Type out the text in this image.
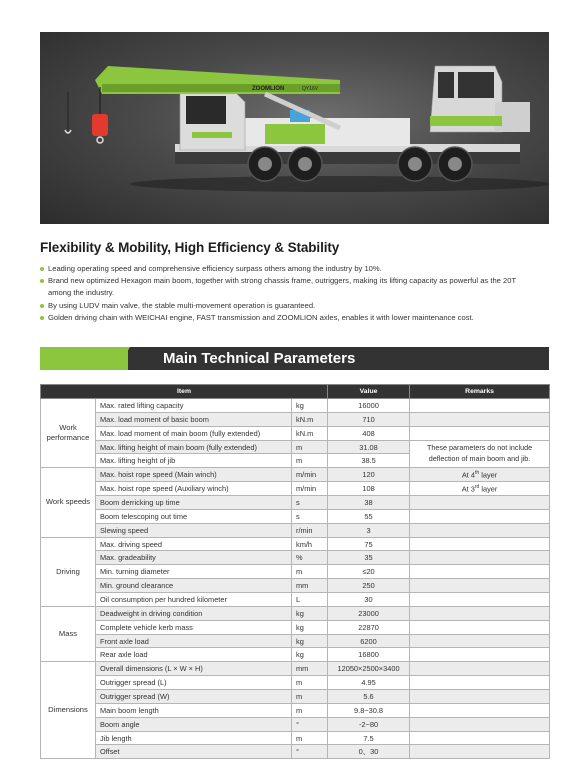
ZOOMLION	QY16V
Flexibility & Mobility, High Efficiency & Stability
Leading operating speed and comprehensive efficiency surpass others among the industry by 10%.
Brand new optimized Hexagon main boom, together with strong chassis frame, outriggers, making its lifting capacity as powerful as the 20T among the industry.
By using LUDV main valve, the stable multi-movement operation is guaranteed.
Golden driving chain with WEICHAI engine, FAST transmission and ZOOMLION axles, enables it with lower maintenance cost.
Main Technical Parameters
Item			Value	Remarks
Work performance	Max. rated lifting capacity	kg	16000	
	Max. load moment of basic boom	kN.m	710	
	Max. load moment of main boom (fully extended)	kN.m	408	
	Max. lifting height of main boom (fully extended)	m	31.08	These parameters do not include deflection of main boom and jib.
	Max. lifting height of jib	m	38.5	
Work speeds	Max. hoist rope speed (Main winch)	m/min	120	At 4th layer
	Max. hoist rope speed (Auxiliary winch)	m/min	108	At 3rd layer
	Boom derricking up time	s	38	
	Boom telescoping out time	s	55	
	Slewing speed	r/min	3	
Driving	Max. driving speed	km/h	75	
	Max. gradeability	%	35	
	Min. turning diameter	m	≤20	
	Min. ground clearance	mm	250	
	Oil consumption per hundred kilometer	L	30	
Mass	Deadweight in driving condition	kg	23000	
	Complete vehicle kerb mass	kg	22870	
	Front axle load	kg	6200	
	Rear axle load	kg	16800	
Dimensions	Overall dimensions (L × W × H)	mm	12050×2500×3400	
	Outrigger spread (L)	m	4.95	
	Outrigger spread (W)	m	5.6	
	Main boom length	m	9.8~30.8	
	Boom angle	°	-2~80	
	Jib length	m	7.5	
	Offset	°	0、30	
